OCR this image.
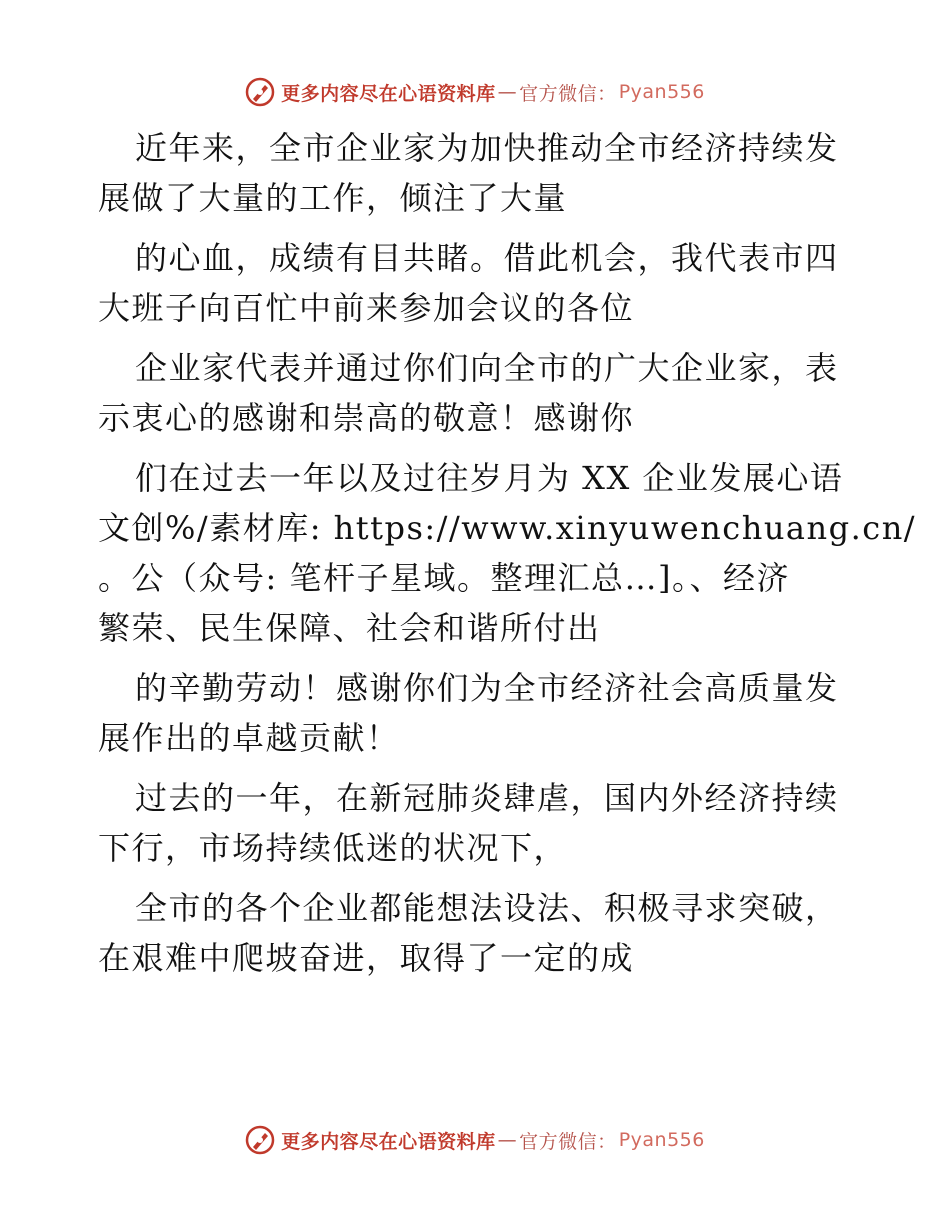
更多内容尽在心语资料库 — 官方微信： Pyan556
近年来，全市企业家为加快推动全市经济持续发
展做了大量的工作，倾注了大量
的心血，成绩有目共睹。借此机会，我代表市四
大班子向百忙中前来参加会议的各位
企业家代表并通过你们向全市的广大企业家，表
示衷心的感谢和崇高的敬意！感谢你
们在过去一年以及过往岁月为 XX 企业发展心语
文创%/素材库: https://www.xinyuwenchuang.cn/
。公（众号: 笔杆子星域。整理汇总…]。、经济
繁荣、民生保障、社会和谐所付出
的辛勤劳动！感谢你们为全市经济社会高质量发
展作出的卓越贡献！
过去的一年，在新冠肺炎肆虐，国内外经济持续
下行，市场持续低迷的状况下，
全市的各个企业都能想法设法、积极寻求突破，
在艰难中爬坡奋进，取得了一定的成
更多内容尽在心语资料库 — 官方微信： Pyan556
